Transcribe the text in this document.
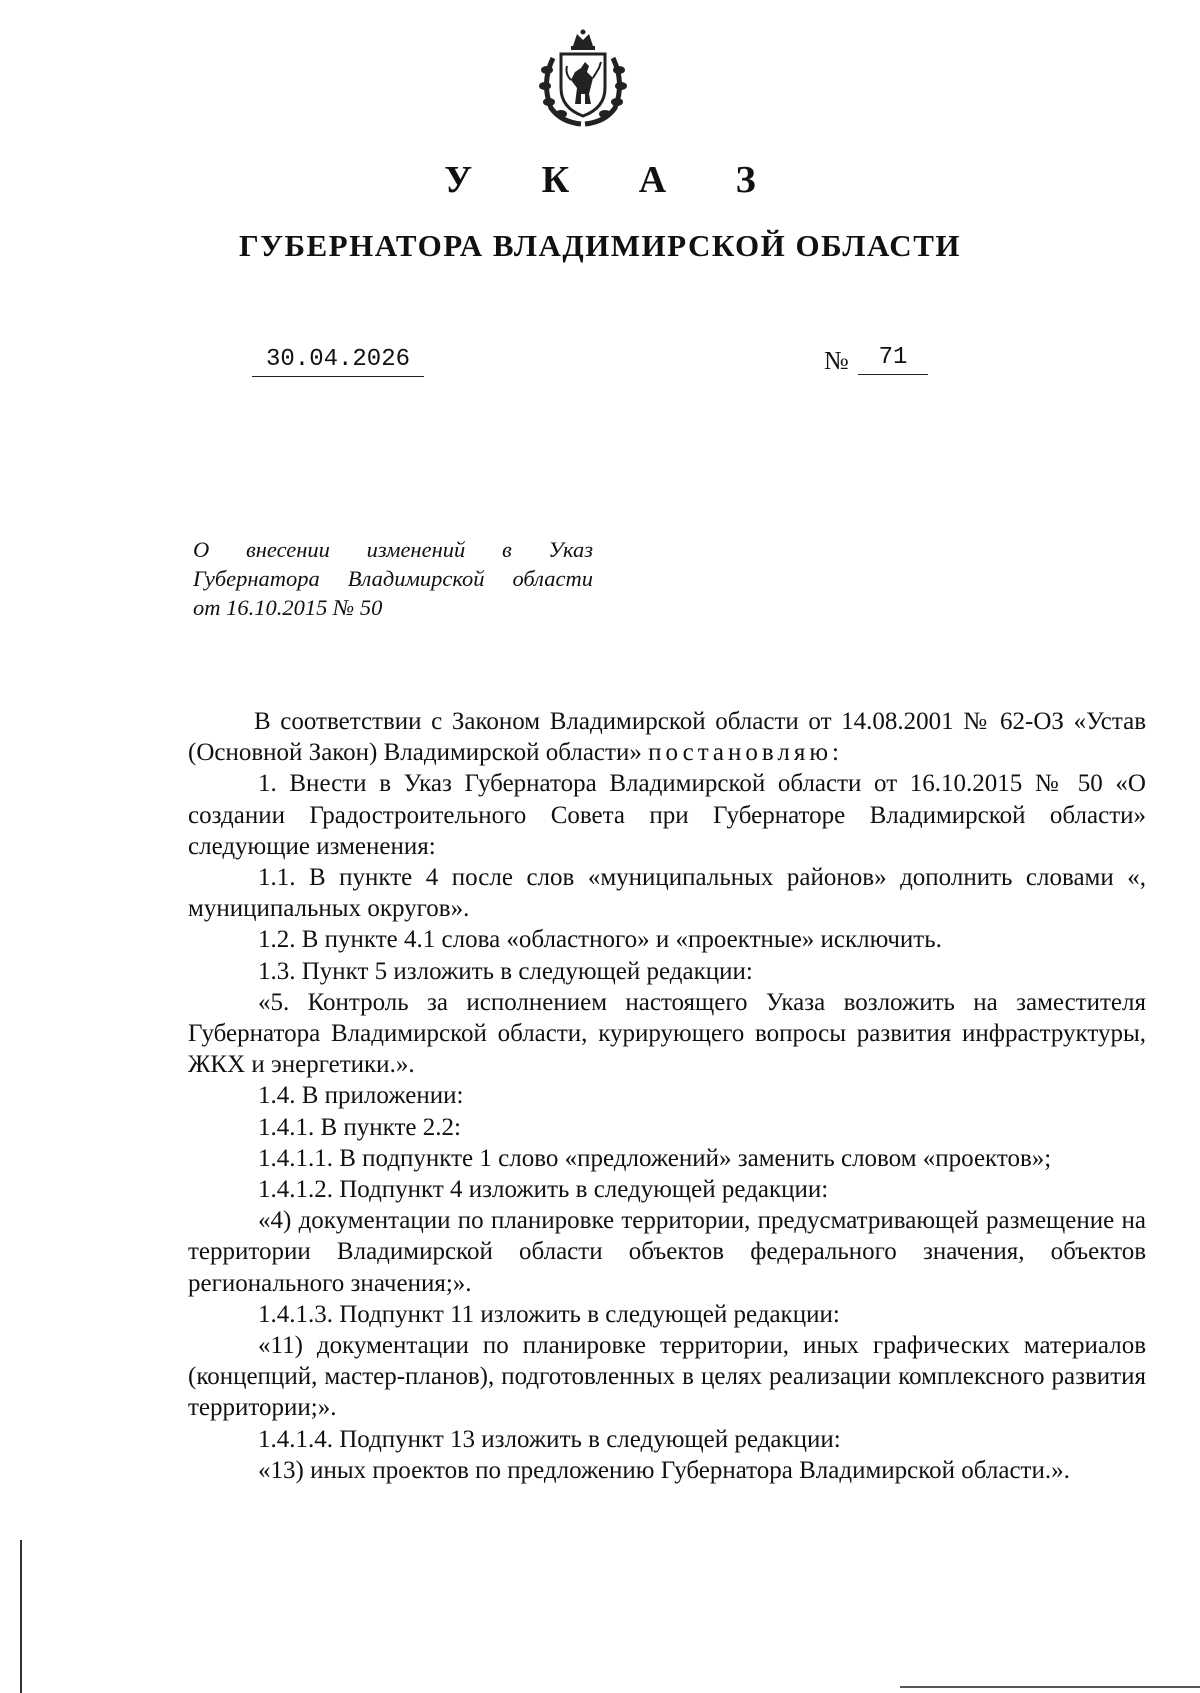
У К А З
ГУБЕРНАТОРА ВЛАДИМИРСКОЙ ОБЛАСТИ
30.04.2026	№	71
О внесении изменений в Указ
Губернатора Владимирской области
от 16.10.2015 № 50

В соответствии с Законом Владимирской области от 14.08.2001 № 62-ОЗ «Устав (Основной Закон) Владимирской области» постановляю:

1. Внести в Указ Губернатора Владимирской области от 16.10.2015 № 50 «О создании Градостроительного Совета при Губернаторе Владимирской области» следующие изменения:

1.1. В пункте 4 после слов «муниципальных районов» дополнить словами «, муниципальных округов».

1.2. В пункте 4.1 слова «областного» и «проектные» исключить.

1.3. Пункт 5 изложить в следующей редакции:

«5. Контроль за исполнением настоящего Указа возложить на заместителя Губернатора Владимирской области, курирующего вопросы развития инфраструктуры, ЖКХ и энергетики.».

1.4. В приложении:

1.4.1. В пункте 2.2:

1.4.1.1. В подпункте 1 слово «предложений» заменить словом «проектов»;

1.4.1.2. Подпункт 4 изложить в следующей редакции:

«4) документации по планировке территории, предусматривающей размещение на территории Владимирской области объектов федерального значения, объектов регионального значения;».

1.4.1.3. Подпункт 11 изложить в следующей редакции:

«11) документации по планировке территории, иных графических материалов (концепций, мастер-планов), подготовленных в целях реализации комплексного развития территории;».

1.4.1.4. Подпункт 13 изложить в следующей редакции:

«13) иных проектов по предложению Губернатора Владимирской области.».
